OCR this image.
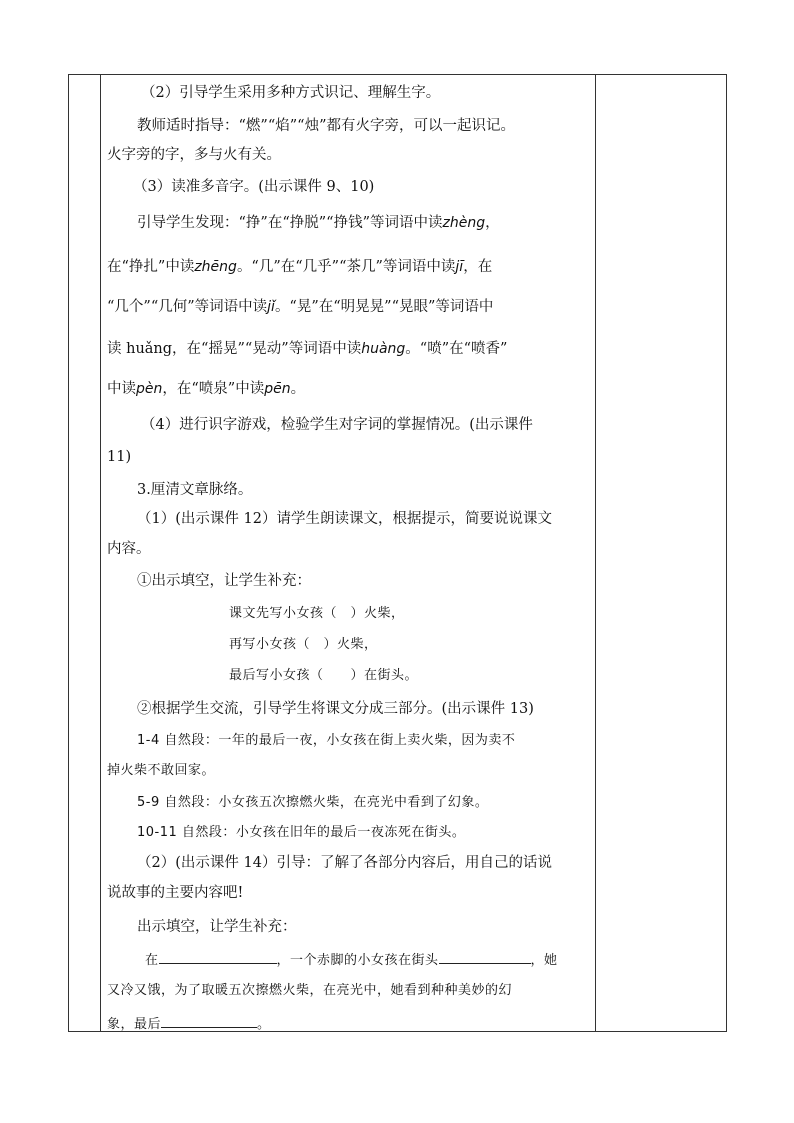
（2）引导学生采用多种方式识记、理解生字。
教师适时指导：“燃”“焰”“烛”都有火字旁，可以一起识记。
火字旁的字，多与火有关。
（3）读准多音字。(出示课件 9、10)
引导学生发现：“挣”在“挣脱”“挣钱”等词语中读zhèng，
在“挣扎”中读zhēng。“几”在“几乎”“茶几”等词语中读jī，在
“几个”“几何”等词语中读jǐ。“晃”在“明晃晃”“晃眼”等词语中
读 huǎng，在“摇晃”“晃动”等词语中读huàng。“喷”在“喷香”
中读pèn，在“喷泉”中读pēn。
（4）进行识字游戏，检验学生对字词的掌握情况。(出示课件
11)
3.厘清文章脉络。
（1）(出示课件 12）请学生朗读课文，根据提示，简要说说课文
内容。
①出示填空，让学生补充：
课文先写小女孩（　）火柴，
再写小女孩（　）火柴，
最后写小女孩（　　）在街头。
②根据学生交流，引导学生将课文分成三部分。(出示课件 13)
1-4 自然段：一年的最后一夜，小女孩在街上卖火柴，因为卖不
掉火柴不敢回家。
5-9 自然段：小女孩五次擦燃火柴，在亮光中看到了幻象。
10-11 自然段：小女孩在旧年的最后一夜冻死在街头。
（2）(出示课件 14）引导：了解了各部分内容后，用自己的话说
说故事的主要内容吧!
出示填空，让学生补充：
在	，一个赤脚的小女孩在街头	，她
又冷又饿，为了取暖五次擦燃火柴，在亮光中，她看到种种美妙的幻
象，最后	。
